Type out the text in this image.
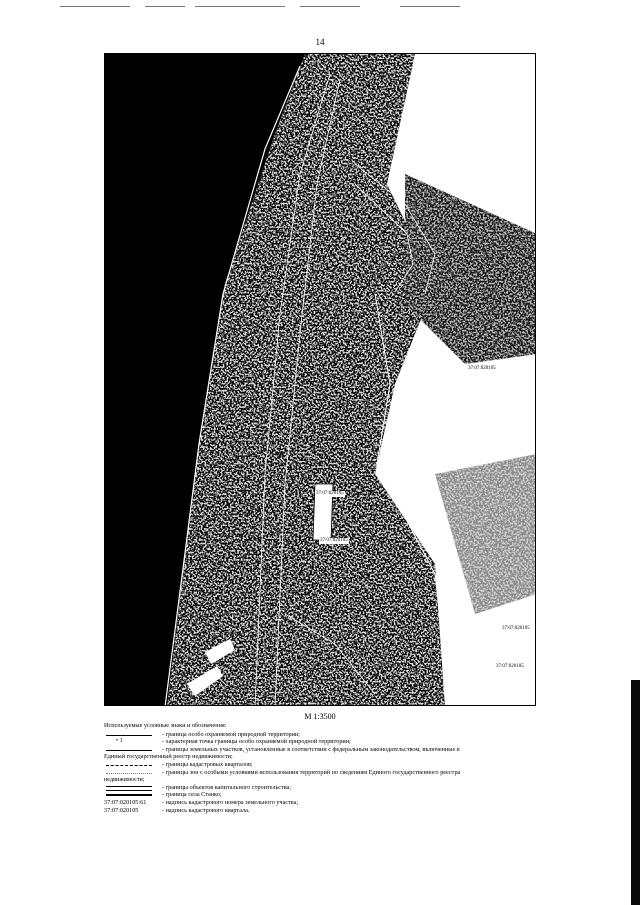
14
37:07:020105
37:07:020105
37:07:020105
37:07:020105
37:07:020105
М 1:3500
Используемые условные знаки и обозначения:
- граница особо охраняемой природной территории;
• 1	- характерная точка границы особо охраняемой природной территории;
- границы земельных участков, установленные в соответствии с федеральным законодательством, включенные в
Единый государственный реестр недвижимости;
- границы кадастровых кварталов;
- границы зон с особыми условиями использования территорий по сведениям Единого государственного реестра
недвижимости;
- границы объектов капитального строительства;
- граница села Станко;
37:07:020105:61	- надпись кадастрового номера земельного участка;
37:07:020105	- надпись кадастрового квартала.
